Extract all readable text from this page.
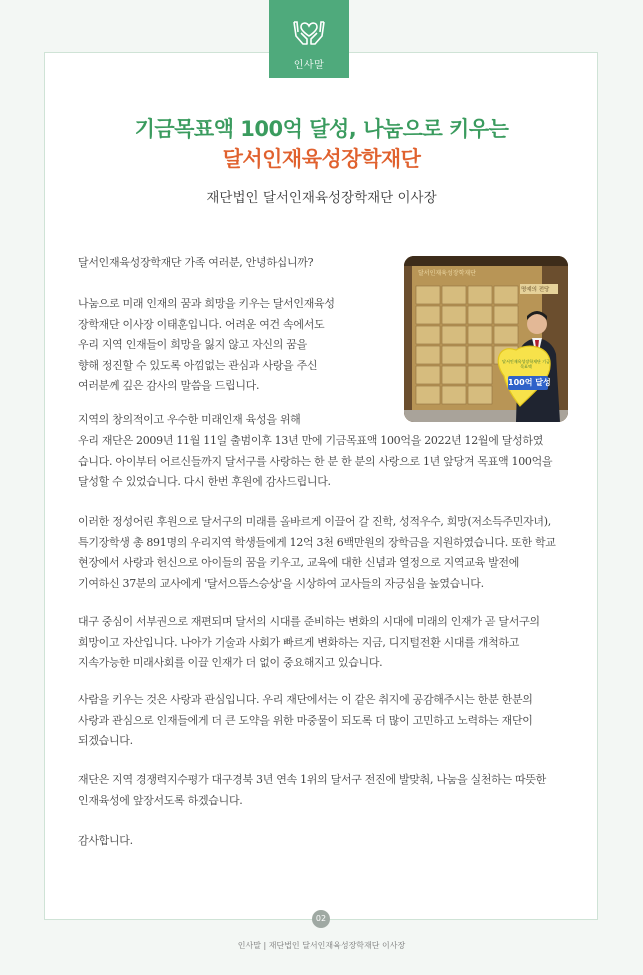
인사말
기금목표액 100억 달성, 나눔으로 키우는
달서인재육성장학재단
재단법인 달서인재육성장학재단 이사장
달서인재육성장학재단
명예의 전당
달서인재육성장학재단 기금 목표액
100억 달성
달서인재육성장학재단 가족 여러분, 안녕하십니까?
나눔으로 미래 인재의 꿈과 희망을 키우는 달서인재육성
장학재단 이사장 이태훈입니다. 어려운 여건 속에서도
우리 지역 인재들이 희망을 잃지 않고 자신의 꿈을
향해 정진할 수 있도록 아낌없는 관심과 사랑을 주신
여러분께 깊은 감사의 말씀을 드립니다.
지역의 창의적이고 우수한 미래인재 육성을 위해
우리 재단은 2009년 11월 11일 출범이후 13년 만에 기금목표액 100억을 2022년 12월에 달성하였
습니다. 아이부터 어르신들까지 달서구를 사랑하는 한 분 한 분의 사랑으로 1년 앞당겨 목표액 100억을
달성할 수 있었습니다. 다시 한번 후원에 감사드립니다.
이러한 정성어린 후원으로 달서구의 미래를 올바르게 이끌어 갈 진학, 성적우수, 희망(저소득주민자녀),
특기장학생 총 891명의 우리지역 학생들에게 12억 3천 6백만원의 장학금을 지원하였습니다. 또한 학교
현장에서 사랑과 헌신으로 아이들의 꿈을 키우고, 교육에 대한 신념과 열정으로 지역교육 발전에
기여하신 37분의 교사에게 '달서으뜸스승상'을 시상하여 교사들의 자긍심을 높였습니다.
대구 중심이 서부권으로 재편되며 달서의 시대를 준비하는 변화의 시대에 미래의 인재가 곧 달서구의
희망이고 자산입니다. 나아가 기술과 사회가 빠르게 변화하는 지금, 디지털전환 시대를 개척하고
지속가능한 미래사회를 이끌 인재가 더 없이 중요해지고 있습니다.
사람을 키우는 것은 사랑과 관심입니다. 우리 재단에서는 이 같은 취지에 공감해주시는 한분 한분의
사랑과 관심으로 인재들에게 더 큰 도약을 위한 마중물이 되도록 더 많이 고민하고 노력하는 재단이
되겠습니다.
재단은 지역 경쟁력지수평가 대구경북 3년 연속 1위의 달서구 전진에 발맞춰, 나눔을 실천하는 따뜻한
인재육성에 앞장서도록 하겠습니다.
감사합니다.
02
인사말 | 재단법인 달서인재육성장학재단 이사장
